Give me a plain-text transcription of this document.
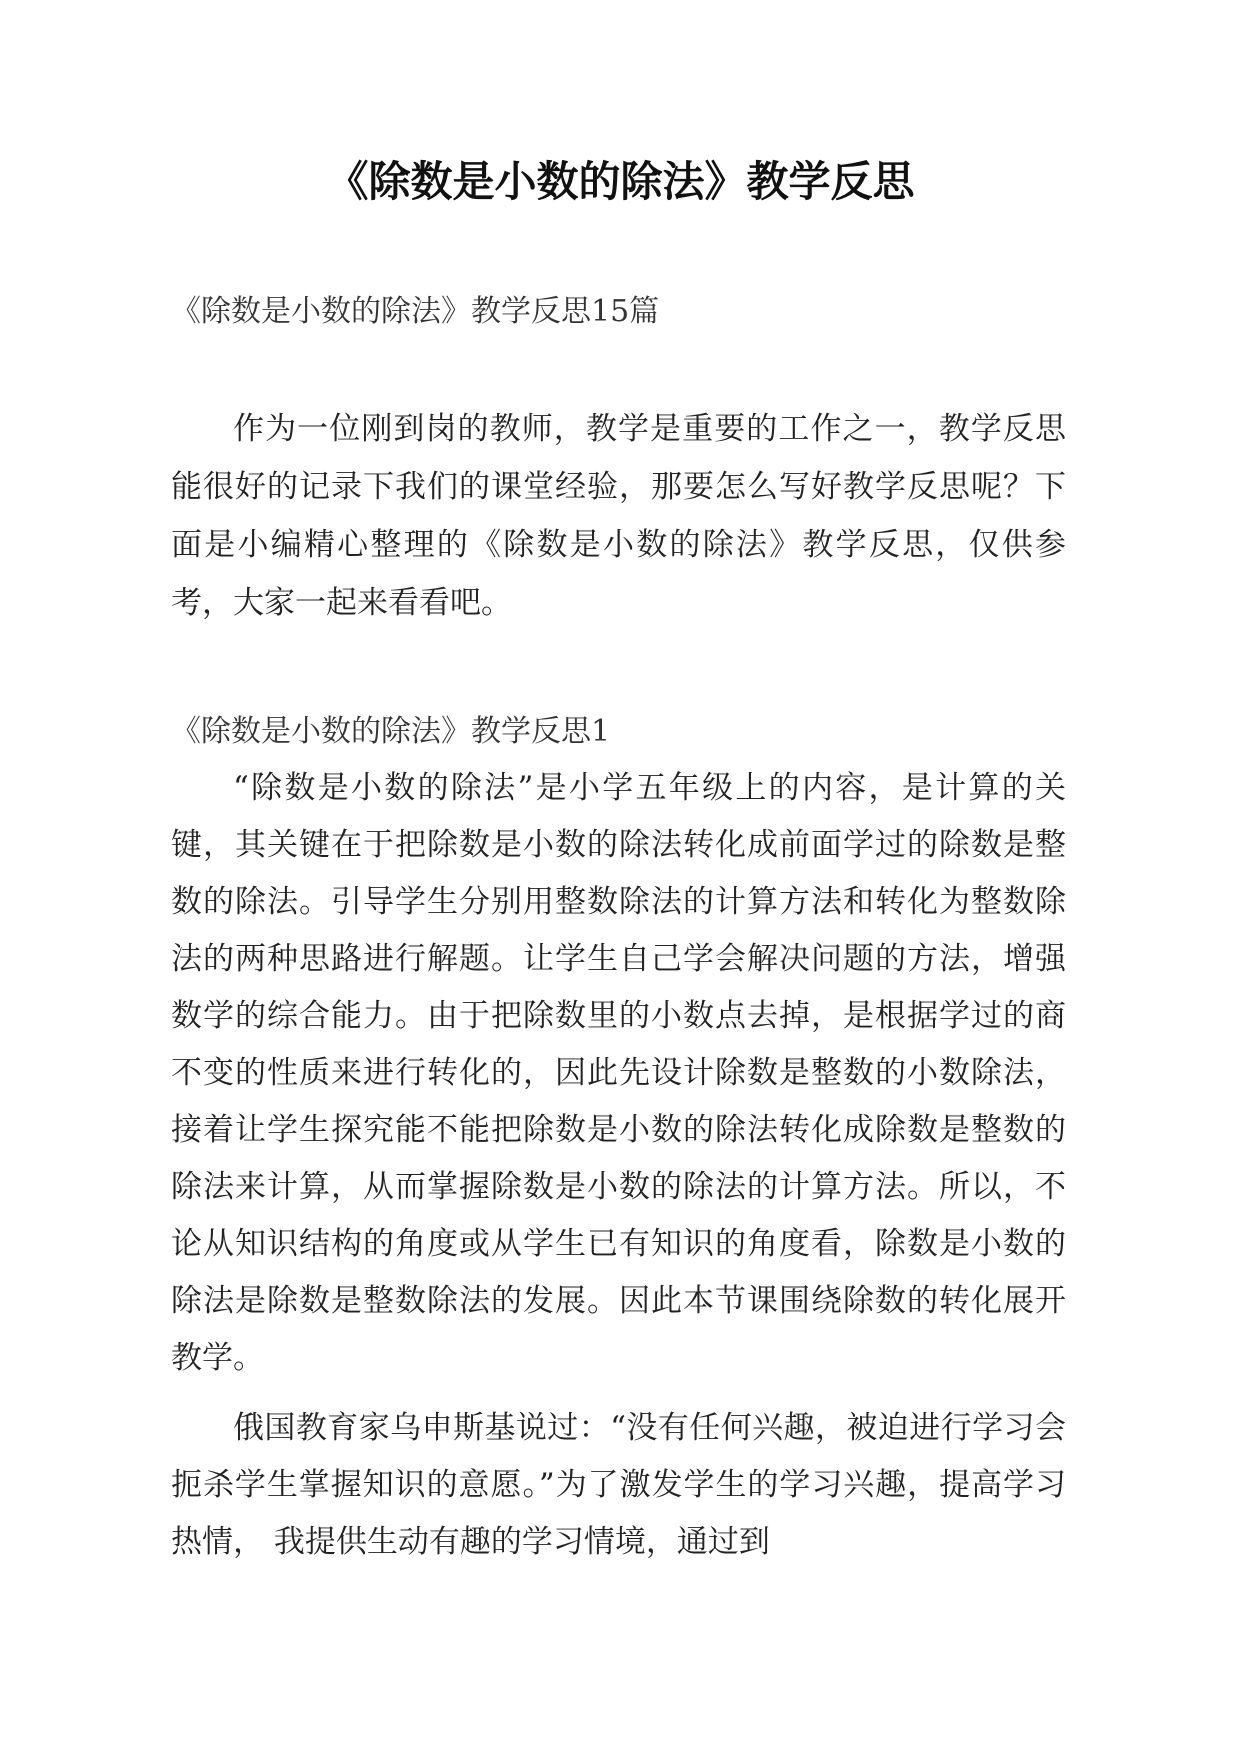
《除数是小数的除法》教学反思
《除数是小数的除法》教学反思15篇
作为一位刚到岗的教师，教学是重要的工作之一，教学反思能很好的记录下我们的课堂经验，那要怎么写好教学反思呢？下面是小编精心整理的《除数是小数的除法》教学反思，仅供参考，大家一起来看看吧。
《除数是小数的除法》教学反思1
“除数是小数的除法”是小学五年级上的内容，是计算的关键，其关键在于把除数是小数的除法转化成前面学过的除数是整数的除法。引导学生分别用整数除法的计算方法和转化为整数除法的两种思路进行解题。让学生自己学会解决问题的方法，增强数学的综合能力。由于把除数里的小数点去掉，是根据学过的商不变的性质来进行转化的，因此先设计除数是整数的小数除法，接着让学生探究能不能把除数是小数的除法转化成除数是整数的除法来计算，从而掌握除数是小数的除法的计算方法。所以，不论从知识结构的角度或从学生已有知识的角度看，除数是小数的除法是除数是整数除法的发展。因此本节课围绕除数的转化展开教学。
俄国教育家乌申斯基说过：“没有任何兴趣，被迫进行学习会扼杀学生掌握知识的意愿。”为了激发学生的学习兴趣，提高学习热情， 我提供生动有趣的学习情境，通过到
